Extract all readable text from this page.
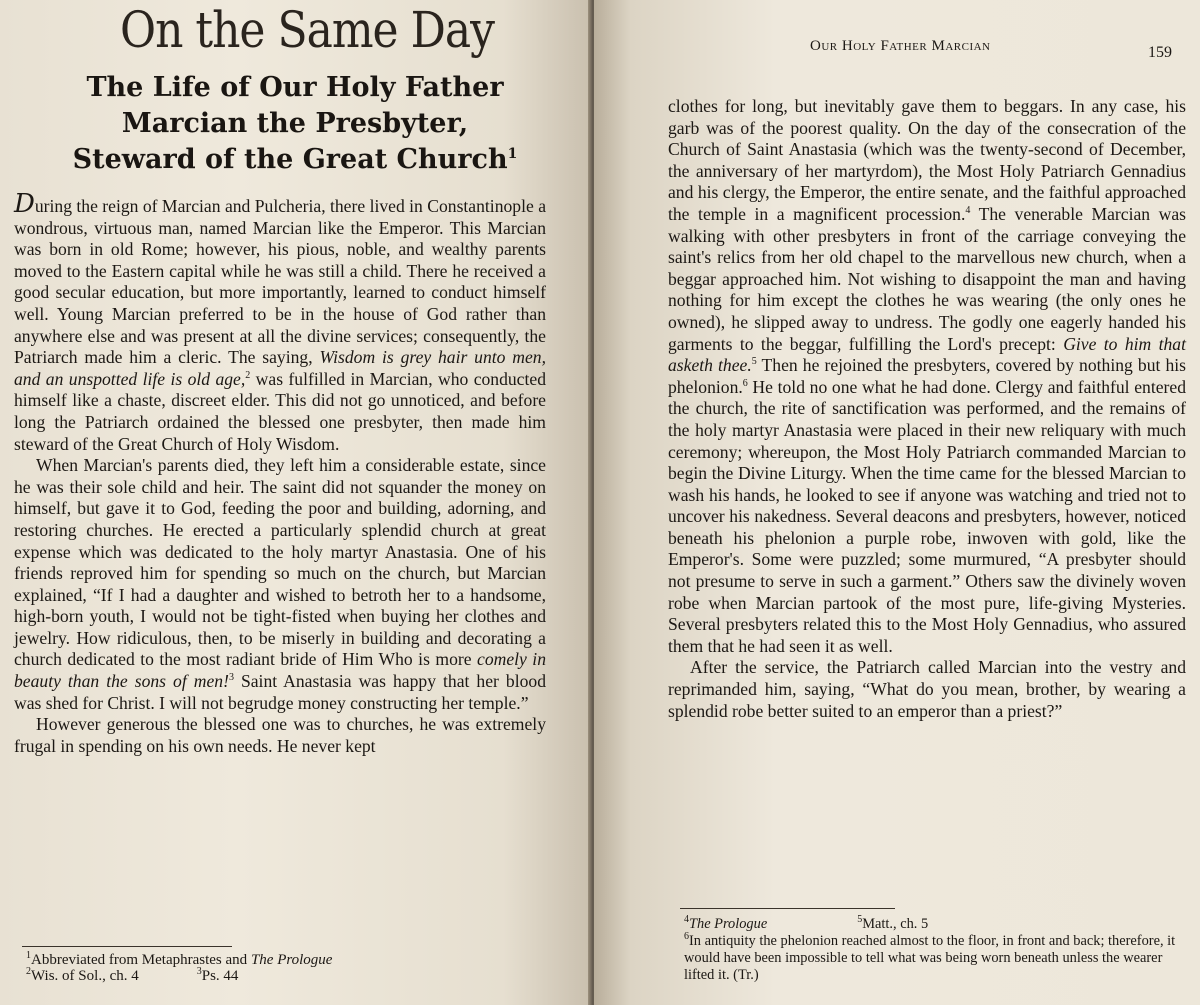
On the Same Day
The Life of Our Holy Father
Marcian the Presbyter,
Steward of the Great Church$^1$

During the reign of Marcian and Pulcheria, there lived in Constantinople a wondrous, virtuous man, named Marcian like the Emperor. This Marcian was born in old Rome; however, his pious, noble, and wealthy parents moved to the Eastern capital while he was still a child. There he received a good secular education, but more importantly, learned to conduct himself well. Young Marcian preferred to be in the house of God rather than anywhere else and was present at all the divine services; consequently, the Patriarch made him a cleric. The saying, Wisdom is grey hair unto men, and an unspotted life is old age,$^2$ was fulfilled in Marcian, who conducted himself like a chaste, discreet elder. This did not go unnoticed, and before long the Patriarch ordained the blessed one presbyter, then made him steward of the Great Church of Holy Wisdom.

When Marcian's parents died, they left him a considerable estate, since he was their sole child and heir. The saint did not squander the money on himself, but gave it to God, feeding the poor and building, adorning, and restoring churches. He erected a particularly splendid church at great expense which was dedicated to the holy martyr Anastasia. One of his friends reproved him for spending so much on the church, but Marcian explained, “If I had a daughter and wished to betroth her to a handsome, high-born youth, I would not be tight-fisted when buying her clothes and jewelry. How ridiculous, then, to be miserly in building and decorating a church dedicated to the most radiant bride of Him Who is more comely in beauty than the sons of men!$^3$ Saint Anastasia was happy that her blood was shed for Christ. I will not begrudge money constructing her temple.”

However generous the blessed one was to churches, he was extremely frugal in spending on his own needs. He never kept

$^1$Abbreviated from Metaphrastes and The Prologue
$^2$Wis. of Sol., ch. 4	$^3$Ps. 44
Our Holy Father Marcian	159

clothes for long, but inevitably gave them to beggars. In any case, his garb was of the poorest quality. On the day of the consecration of the Church of Saint Anastasia (which was the twenty-second of December, the anniversary of her martyrdom), the Most Holy Patriarch Gennadius and his clergy, the Emperor, the entire senate, and the faithful approached the temple in a magnificent procession.$^4$ The venerable Marcian was walking with other presbyters in front of the carriage conveying the saint's relics from her old chapel to the marvellous new church, when a beggar approached him. Not wishing to disappoint the man and having nothing for him except the clothes he was wearing (the only ones he owned), he slipped away to undress. The godly one eagerly handed his garments to the beggar, fulfilling the Lord's precept: Give to him that asketh thee.$^5$ Then he rejoined the presbyters, covered by nothing but his phelonion.$^6$ He told no one what he had done. Clergy and faithful entered the church, the rite of sanctification was performed, and the remains of the holy martyr Anastasia were placed in their new reliquary with much ceremony; whereupon, the Most Holy Patriarch commanded Marcian to begin the Divine Liturgy. When the time came for the blessed Marcian to wash his hands, he looked to see if anyone was watching and tried not to uncover his nakedness. Several deacons and presbyters, however, noticed beneath his phelonion a purple robe, inwoven with gold, like the Emperor's. Some were puzzled; some murmured, “A presbyter should not presume to serve in such a garment.” Others saw the divinely woven robe when Marcian partook of the most pure, life-giving Mysteries. Several presbyters related this to the Most Holy Gennadius, who assured them that he had seen it as well.

After the service, the Patriarch called Marcian into the vestry and reprimanded him, saying, “What do you mean, brother, by wearing a splendid robe better suited to an emperor than a priest?”

$^4$The Prologue	$^5$Matt., ch. 5
$^6$In antiquity the phelonion reached almost to the floor, in front and back; therefore, it would have been impossible to tell what was being worn beneath unless the wearer lifted it. (Tr.)
